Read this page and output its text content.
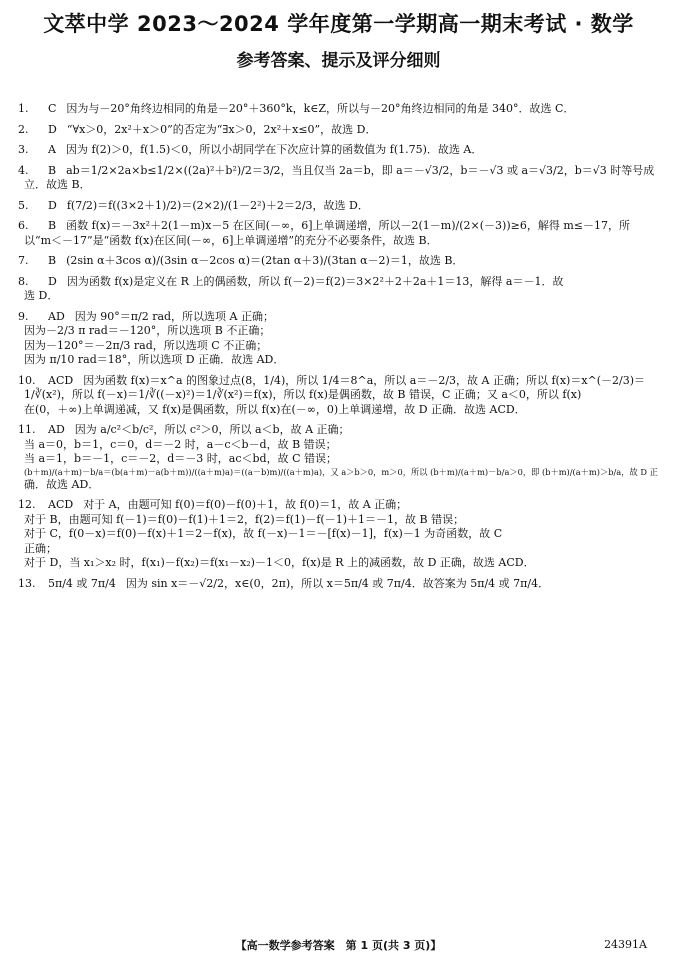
文萃中学 2023～2024 学年度第一学期高一期末考试 · 数学
参考答案、提示及评分细则
1. C 因为与－20°角终边相同的角是－20°＋360°k，k∈Z，所以与－20°角终边相同的角是 340°．故选 C．
2. D “∀x＞0，2x²＋x＞0”的否定为“∃x＞0，2x²＋x≤0”，故选 D．
3. A 因为 f(2)＞0，f(1.5)＜0，所以小胡同学在下次应计算的函数值为 f(1.75)．故选 A．
4. B ab＝1/2×2a×b≤1/2×((2a)²＋b²)/2＝3/2，当且仅当 2a＝b，即 a＝－√3/2，b＝－√3 或 a＝√3/2，b＝√3 时等号成
立．故选 B．
5. D f(7/2)＝f((3×2＋1)/2)＝(2×2)/(1－2²)＋2＝2/3，故选 D．
6. B 函数 f(x)＝－3x²＋2(1－m)x－5 在区间(－∞，6]上单调递增，所以－2(1－m)/(2×(－3))≥6，解得 m≤－17，所
以“m＜－17”是“函数 f(x)在区间(－∞，6]上单调递增”的充分不必要条件，故选 B．
7. B (2sin α＋3cos α)/(3sin α－2cos α)＝(2tan α＋3)/(3tan α－2)＝1，故选 B．
8. D 因为函数 f(x)是定义在 R 上的偶函数，所以 f(－2)＝f(2)＝3×2²＋2＋2a＋1＝13，解得 a＝－1．故
选 D．
9. AD 因为 90°＝π/2 rad，所以选项 A 正确；
因为－2/3 π rad＝－120°，所以选项 B 不正确；
因为－120°＝－2π/3 rad，所以选项 C 不正确；
因为 π/10 rad＝18°，所以选项 D 正确．故选 AD．
10. ACD 因为函数 f(x)＝x^a 的图象过点(8，1/4)，所以 1/4＝8^a，所以 a＝－2/3，故 A 正确；所以 f(x)＝x^(－2/3)＝
1/∛(x²)，所以 f(－x)＝1/∛((－x)²)＝1/∛(x²)＝f(x)，所以 f(x)是偶函数，故 B 错误，C 正确；又 a＜0，所以 f(x)
在(0，＋∞)上单调递减，又 f(x)是偶函数，所以 f(x)在(－∞，0)上单调递增，故 D 正确．故选 ACD．
11. AD 因为 a/c²＜b/c²，所以 c²＞0，所以 a＜b，故 A 正确；
当 a＝0，b＝1，c＝0，d＝－2 时，a－c＜b－d，故 B 错误；
当 a＝1，b＝－1，c＝－2，d＝－3 时，ac＜bd，故 C 错误；
(b＋m)/(a＋m)－b/a＝(b(a＋m)－a(b＋m))/((a＋m)a)＝((a－b)m)/((a＋m)a)，又 a＞b＞0，m＞0，所以 (b＋m)/(a＋m)－b/a＞0，即 (b＋m)/(a＋m)＞b/a，故 D 正
确．故选 AD．
12. ACD 对于 A，由题可知 f(0)＝f(0)－f(0)＋1，故 f(0)＝1，故 A 正确；
对于 B，由题可知 f(－1)＝f(0)－f(1)＋1＝2，f(2)＝f(1)－f(－1)＋1＝－1，故 B 错误；
对于 C，f(0－x)＝f(0)－f(x)＋1＝2－f(x)，故 f(－x)－1＝－[f(x)－1]，f(x)－1 为奇函数，故 C
正确；
对于 D，当 x₁＞x₂ 时，f(x₁)－f(x₂)＝f(x₁－x₂)－1＜0，f(x)是 R 上的减函数，故 D 正确，故选 ACD．
13. 5π/4 或 7π/4 因为 sin x＝－√2/2，x∈(0，2π)，所以 x＝5π/4 或 7π/4．故答案为 5π/4 或 7π/4．
【高一数学参考答案　第 1 页(共 3 页)】	24391A
